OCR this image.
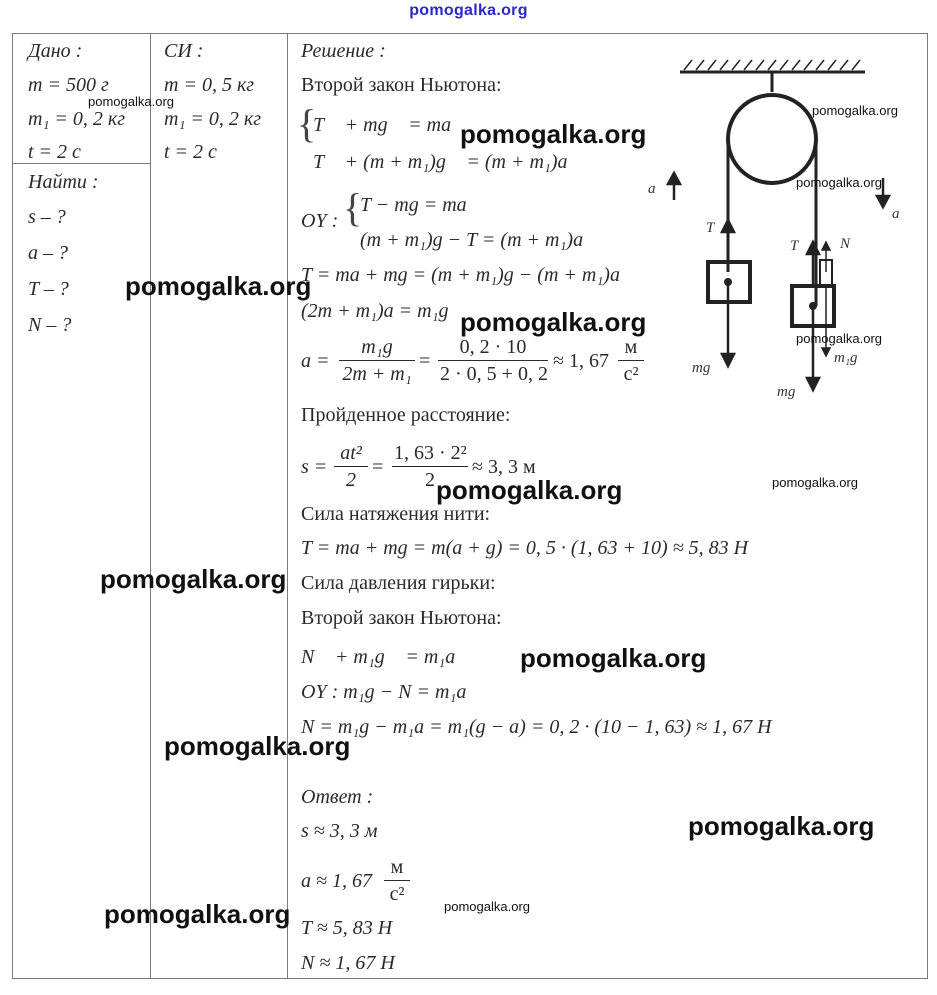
pomogalka.org
Дано :
m = 500 г
m₁ = 0, 2 кг
t = 2 с
Найти :
s – ?
a – ?
T – ?
N – ?
СИ :
m = 0, 5 кг
m₁ = 0, 2 кг
t = 2 с
Решение :
Второй закон Ньютона:
{
T⃗ + mg⃗ = ma⃗
T⃗ + (m + m₁)g⃗ = (m + m₁)a⃗
OY : {
T − mg = ma
(m + m₁)g − T = (m + m₁)a
T = ma + mg = (m + m₁)g − (m + m₁)a
(2m + m₁)a = m₁g
a =
m₁g
2m + m₁
=
0, 2 · 10
2 · 0, 5 + 0, 2
≈ 1, 67
м
с²
Пройденное расстояние:
s =
at²
2
=
1, 63 · 2²
2
≈ 3, 3 м
Сила натяжения нити:
T = ma + mg = m(a + g) = 0, 5 · (1, 63 + 10) ≈ 5, 83 Н
Сила давления гирьки:
Второй закон Ньютона:
N⃗ + m₁g⃗ = m₁a⃗
OY : m₁g − N = m₁a
N = m₁g − m₁a = m₁(g − a) = 0, 2 · (10 − 1, 63) ≈ 1, 67 Н
Ответ :
s ≈ 3, 3 м
a ≈ 1, 67
м
с²
T ≈ 5, 83 Н
N ≈ 1, 67 Н
a⃗
a⃗
T⃗
T⃗ N⃗
mg⃗
m₁g⃗
mg⃗
pomogalka.org
pomogalka.org
pomogalka.org
pomogalka.org
pomogalka.org
pomogalka.org
pomogalka.org
pomogalka.org	pomogalka.org
pomogalka.org
pomogalka.org
pomogalka.org
pomogalka.org
pomogalka.org	pomogalka.org
